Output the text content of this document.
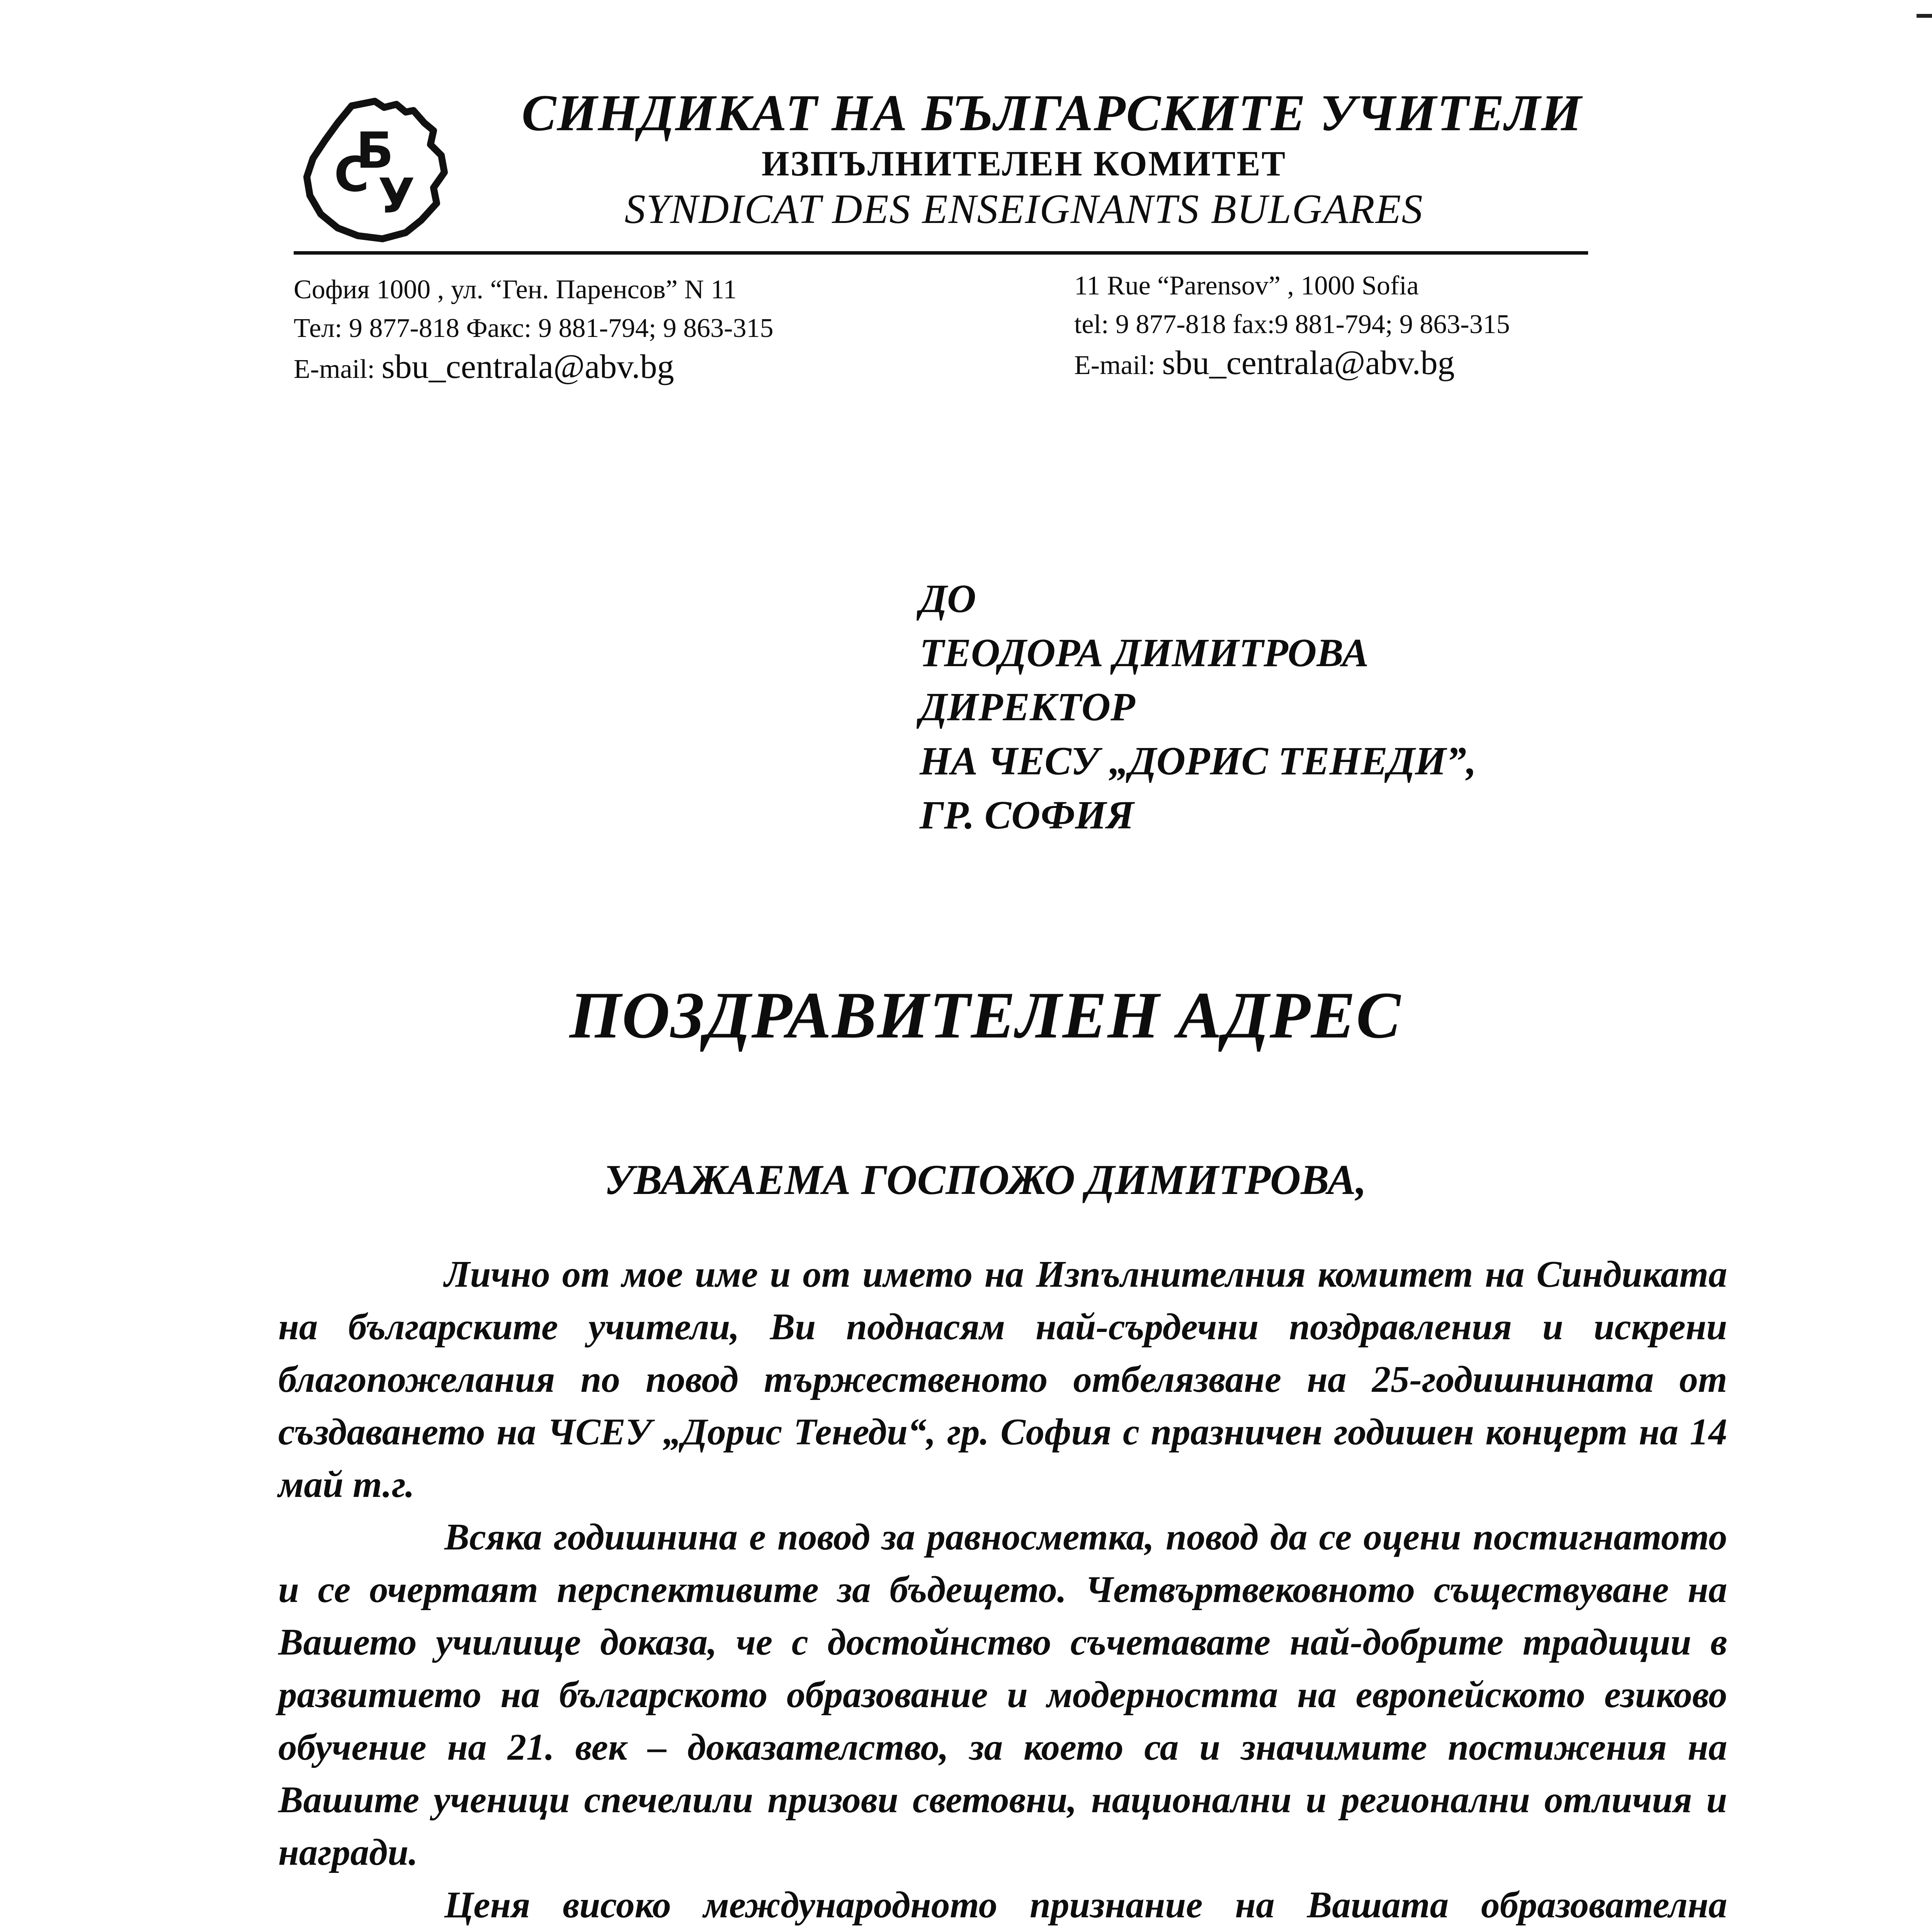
Б
С У
СИНДИКАТ НА БЪЛГАРСКИТЕ УЧИТЕЛИ
ИЗПЪЛНИТЕЛЕН КОМИТЕТ
SYNDICAT DES ENSEIGNANTS BULGARES
София 1000 , ул. “Ген. Паренсов” N 11
Тел: 9 877-818 Факс: 9 881-794; 9 863-315
E-mail: sbu_centrala@abv.bg
11 Rue “Parensov” , 1000 Sofia
tel: 9 877-818 fax:9 881-794; 9 863-315
E-mail: sbu_centrala@abv.bg
ДО
ТЕОДОРА ДИМИТРОВА
ДИРЕКТОР
НА ЧЕСУ „ДОРИС ТЕНЕДИ”,
ГР. СОФИЯ
ПОЗДРАВИТЕЛЕН АДРЕС
УВАЖАЕМА ГОСПОЖО ДИМИТРОВА,

Лично от мое име и от името на Изпълнителния комитет на Синдиката на българските учители, Ви поднасям най-сърдечни поздравления и искрени благопожелания по повод тържественото отбелязване на 25-годишнината от създаването на ЧСЕУ „Дорис Тенеди“, гр. София с празничен годишен концерт на 14 май т.г.

Всяка годишнина е повод за равносметка, повод да се оцени постигнатото и се очертаят перспективите за бъдещето. Четвъртвековното съществуване на Вашето училище доказа, че с достойнство съчетавате най-добрите традиции в развитието на българското образование и модерността на европейското езиково обучение на 21. век – доказателство, за което са и значимите постижения на Вашите ученици спечелили призови световни, национални и регионални отличия и награди.

Ценя високо международното признание на Вашата образователна
